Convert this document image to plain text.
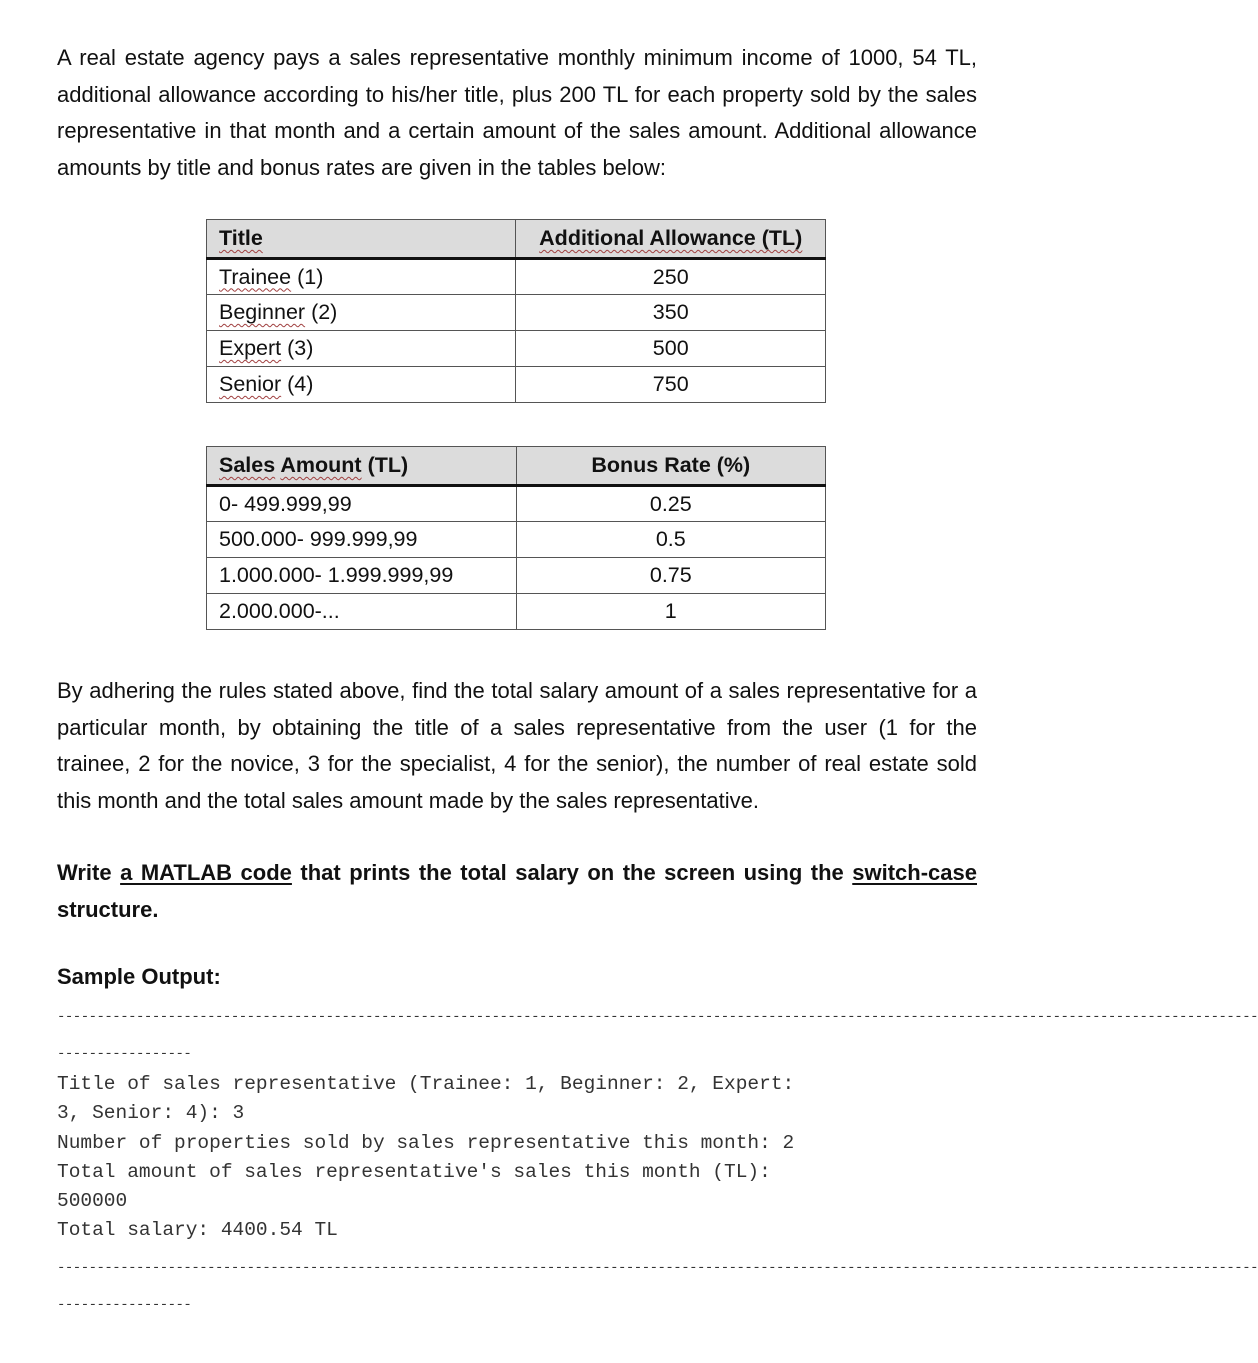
A real estate agency pays a sales representative monthly minimum income of 1000, 54 TL, additional allowance according to his/her title, plus 200 TL for each property sold by the sales representative in that month and a certain amount of the sales amount. Additional allowance amounts by title and bonus rates are given in the tables below:

Title	Additional Allowance (TL)
Trainee (1)	250
Beginner (2)	350
Expert (3)	500
Senior (4)	750
Sales Amount (TL)	Bonus Rate (%)
0- 499.999,99	0.25
500.000- 999.999,99	0.5
1.000.000- 1.999.999,99	0.75
2.000.000-...	1

By adhering the rules stated above, find the total salary amount of a sales representative for a particular month, by obtaining the title of a sales representative from the user (1 for the trainee, 2 for the novice, 3 for the specialist, 4 for the senior), the number of real estate sold this month and the total sales amount made by the sales representative.

Write a MATLAB code that prints the total salary on the screen using the switch-case structure.

Sample Output:

--------------------------------------------------------------------------------------------------------------------------------------------------------
-----------------
Title of sales representative (Trainee: 1, Beginner: 2, Expert:
3, Senior: 4): 3
Number of properties sold by sales representative this month: 2
Total amount of sales representative's sales this month (TL):
500000
Total salary: 4400.54 TL
--------------------------------------------------------------------------------------------------------------------------------------------------------
-----------------
